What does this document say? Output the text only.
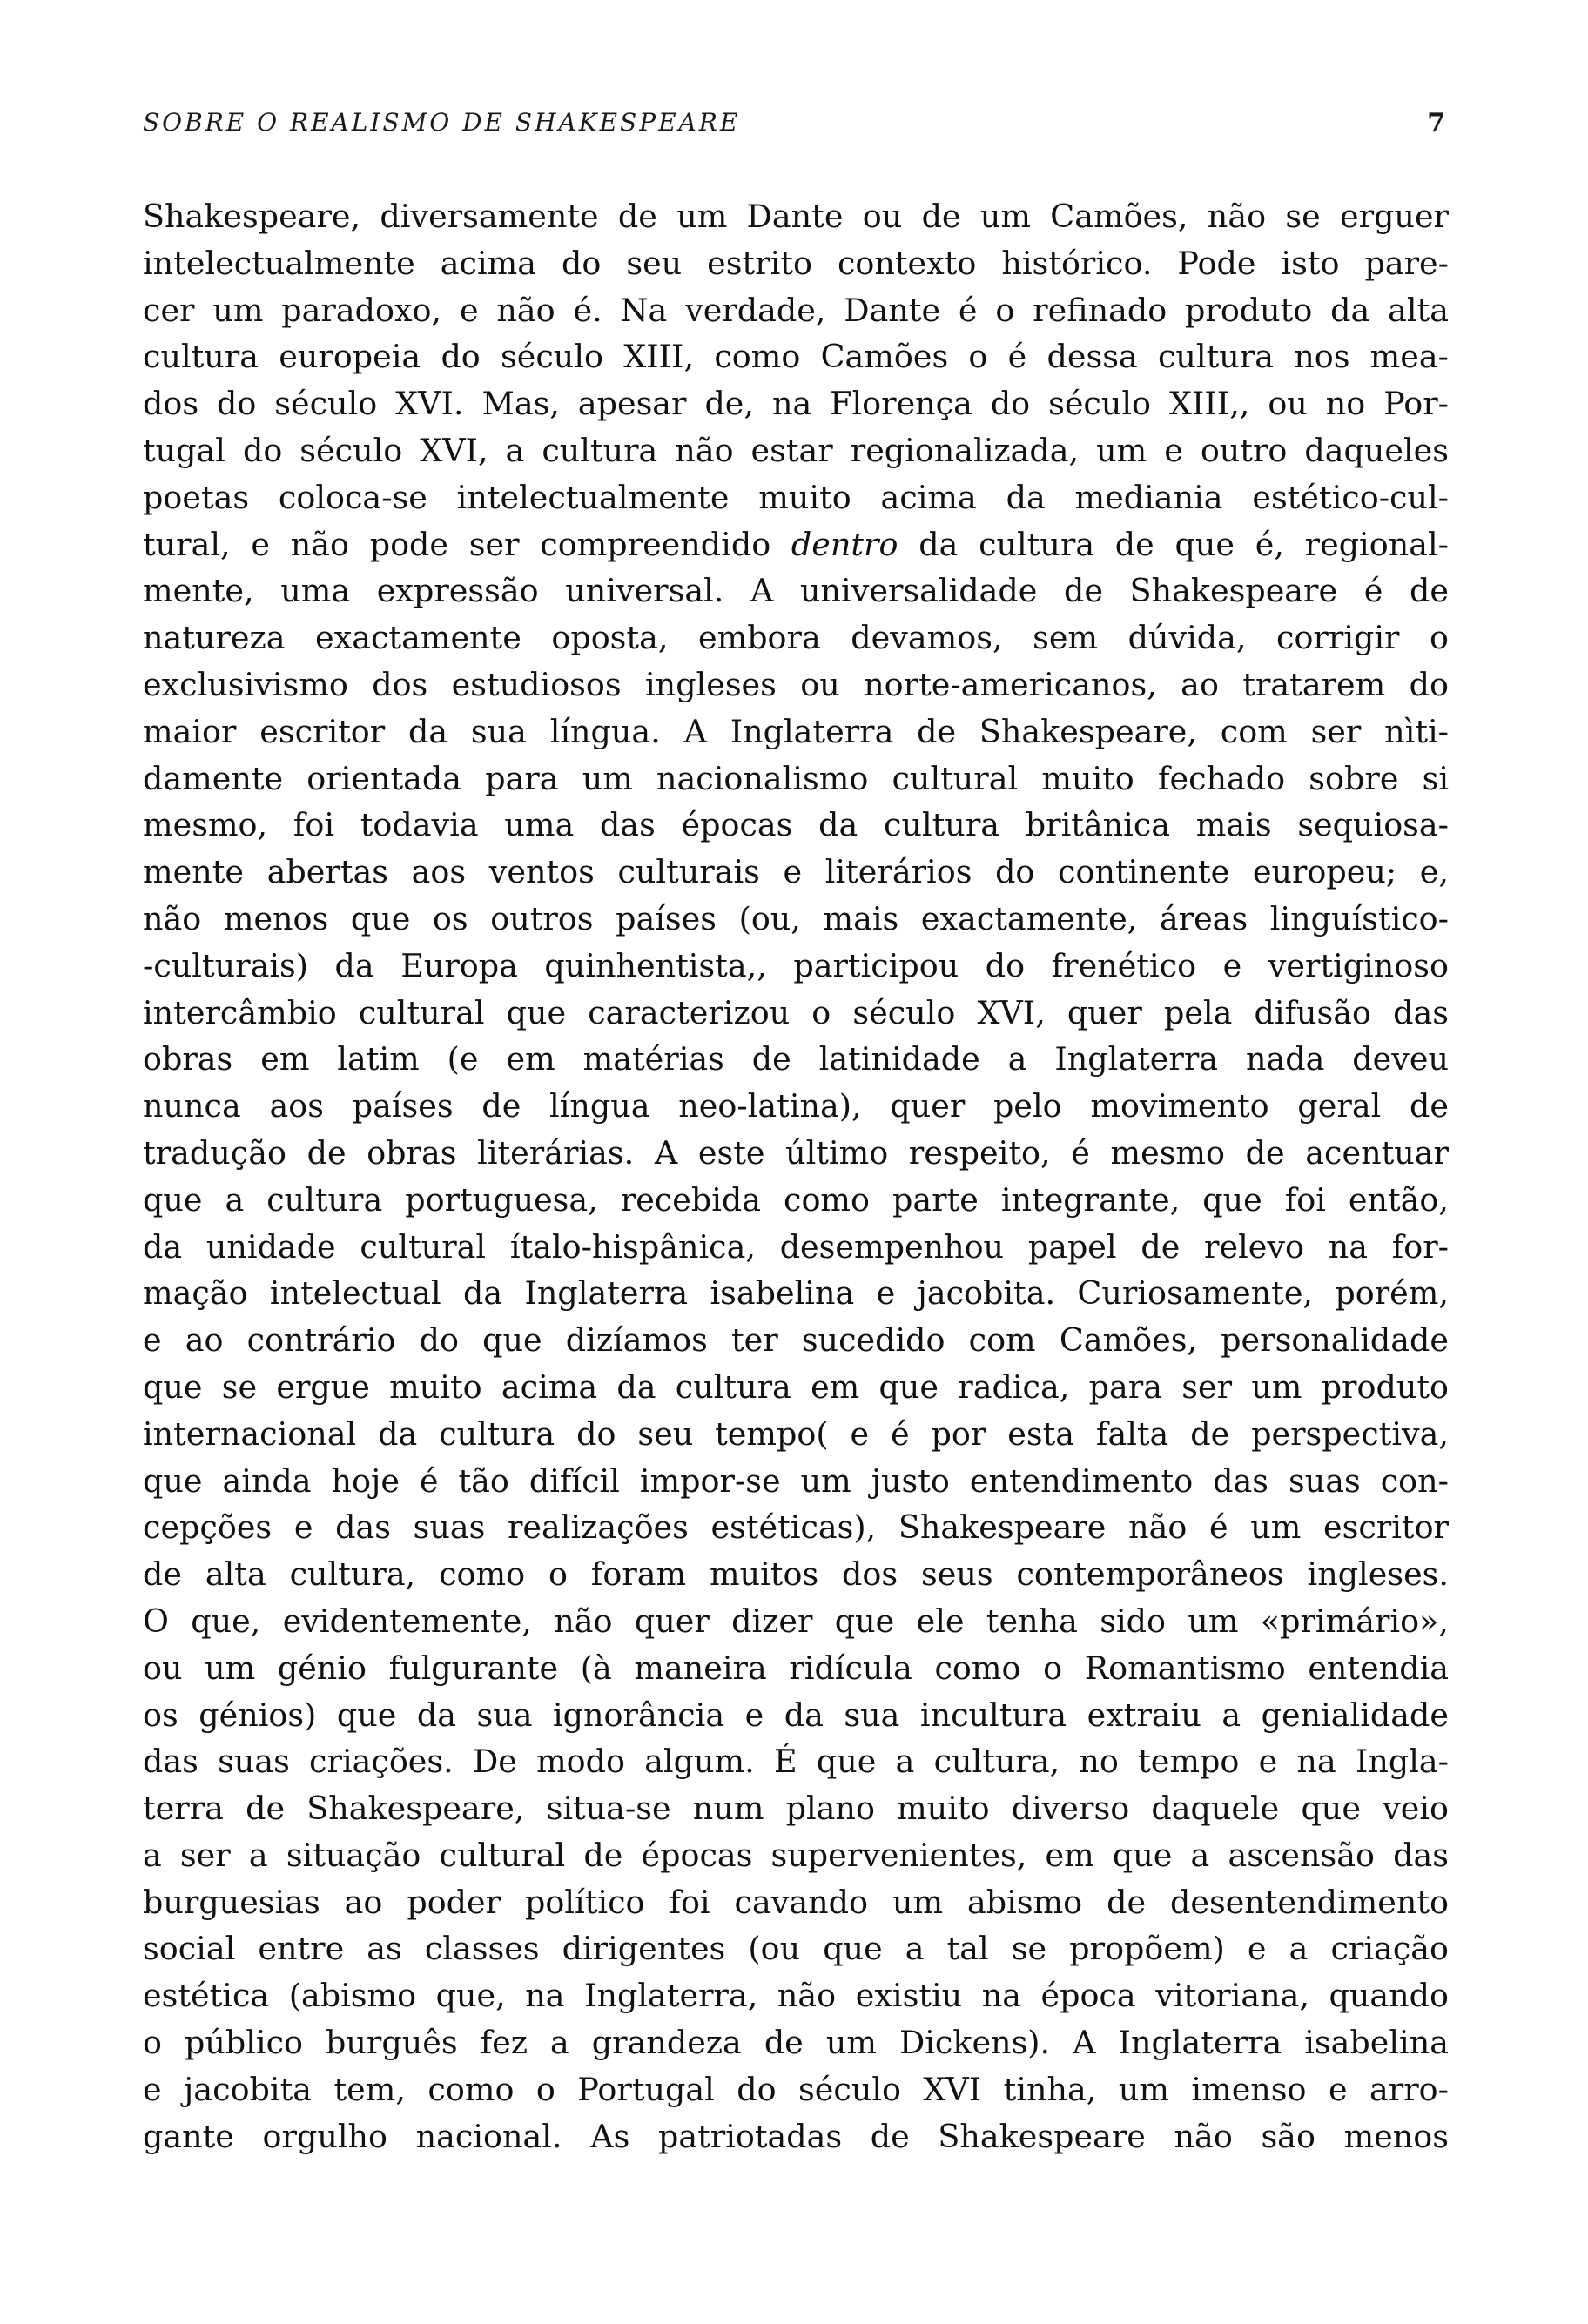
SOBRE O REALISMO DE SHAKESPEARE	7
Shakespeare, diversamente de um Dante ou de um Camões, não se erguer
intelectualmente acima do seu estrito contexto histórico. Pode isto pare-
cer um paradoxo, e não é. Na verdade, Dante é o refinado produto da alta
cultura europeia do século XIII, como Camões o é dessa cultura nos mea-
dos do século XVI. Mas, apesar de, na Florença do século XIII,, ou no Por-
tugal do século XVI, a cultura não estar regionalizada, um e outro daqueles
poetas coloca-se intelectualmente muito acima da mediania estético-cul-
tural, e não pode ser compreendido dentro da cultura de que é, regional-
mente, uma expressão universal. A universalidade de Shakespeare é de
natureza exactamente oposta, embora devamos, sem dúvida, corrigir o
exclusivismo dos estudiosos ingleses ou norte-americanos, ao tratarem do
maior escritor da sua língua. A Inglaterra de Shakespeare, com ser nìti-
damente orientada para um nacionalismo cultural muito fechado sobre si
mesmo, foi todavia uma das épocas da cultura britânica mais sequiosa-
mente abertas aos ventos culturais e literários do continente europeu; e,
não menos que os outros países (ou, mais exactamente, áreas linguístico-
-culturais) da Europa quinhentista,, participou do frenético e vertiginoso
intercâmbio cultural que caracterizou o século XVI, quer pela difusão das
obras em latim (e em matérias de latinidade a Inglaterra nada deveu
nunca aos países de língua neo-latina), quer pelo movimento geral de
tradução de obras literárias. A este último respeito, é mesmo de acentuar
que a cultura portuguesa, recebida como parte integrante, que foi então,
da unidade cultural ítalo-hispânica, desempenhou papel de relevo na for-
mação intelectual da Inglaterra isabelina e jacobita. Curiosamente, porém,
e ao contrário do que dizíamos ter sucedido com Camões, personalidade
que se ergue muito acima da cultura em que radica, para ser um produto
internacional da cultura do seu tempo( e é por esta falta de perspectiva,
que ainda hoje é tão difícil impor-se um justo entendimento das suas con-
cepções e das suas realizações estéticas), Shakespeare não é um escritor
de alta cultura, como o foram muitos dos seus contemporâneos ingleses.
O que, evidentemente, não quer dizer que ele tenha sido um «primário»,
ou um génio fulgurante (à maneira ridícula como o Romantismo entendia
os génios) que da sua ignorância e da sua incultura extraiu a genialidade
das suas criações. De modo algum. É que a cultura, no tempo e na Ingla-
terra de Shakespeare, situa-se num plano muito diverso daquele que veio
a ser a situação cultural de épocas supervenientes, em que a ascensão das
burguesias ao poder político foi cavando um abismo de desentendimento
social entre as classes dirigentes (ou que a tal se propõem) e a criação
estética (abismo que, na Inglaterra, não existiu na época vitoriana, quando
o público burguês fez a grandeza de um Dickens). A Inglaterra isabelina
e jacobita tem, como o Portugal do século XVI tinha, um imenso e arro-
gante orgulho nacional. As patriotadas de Shakespeare não são menos
